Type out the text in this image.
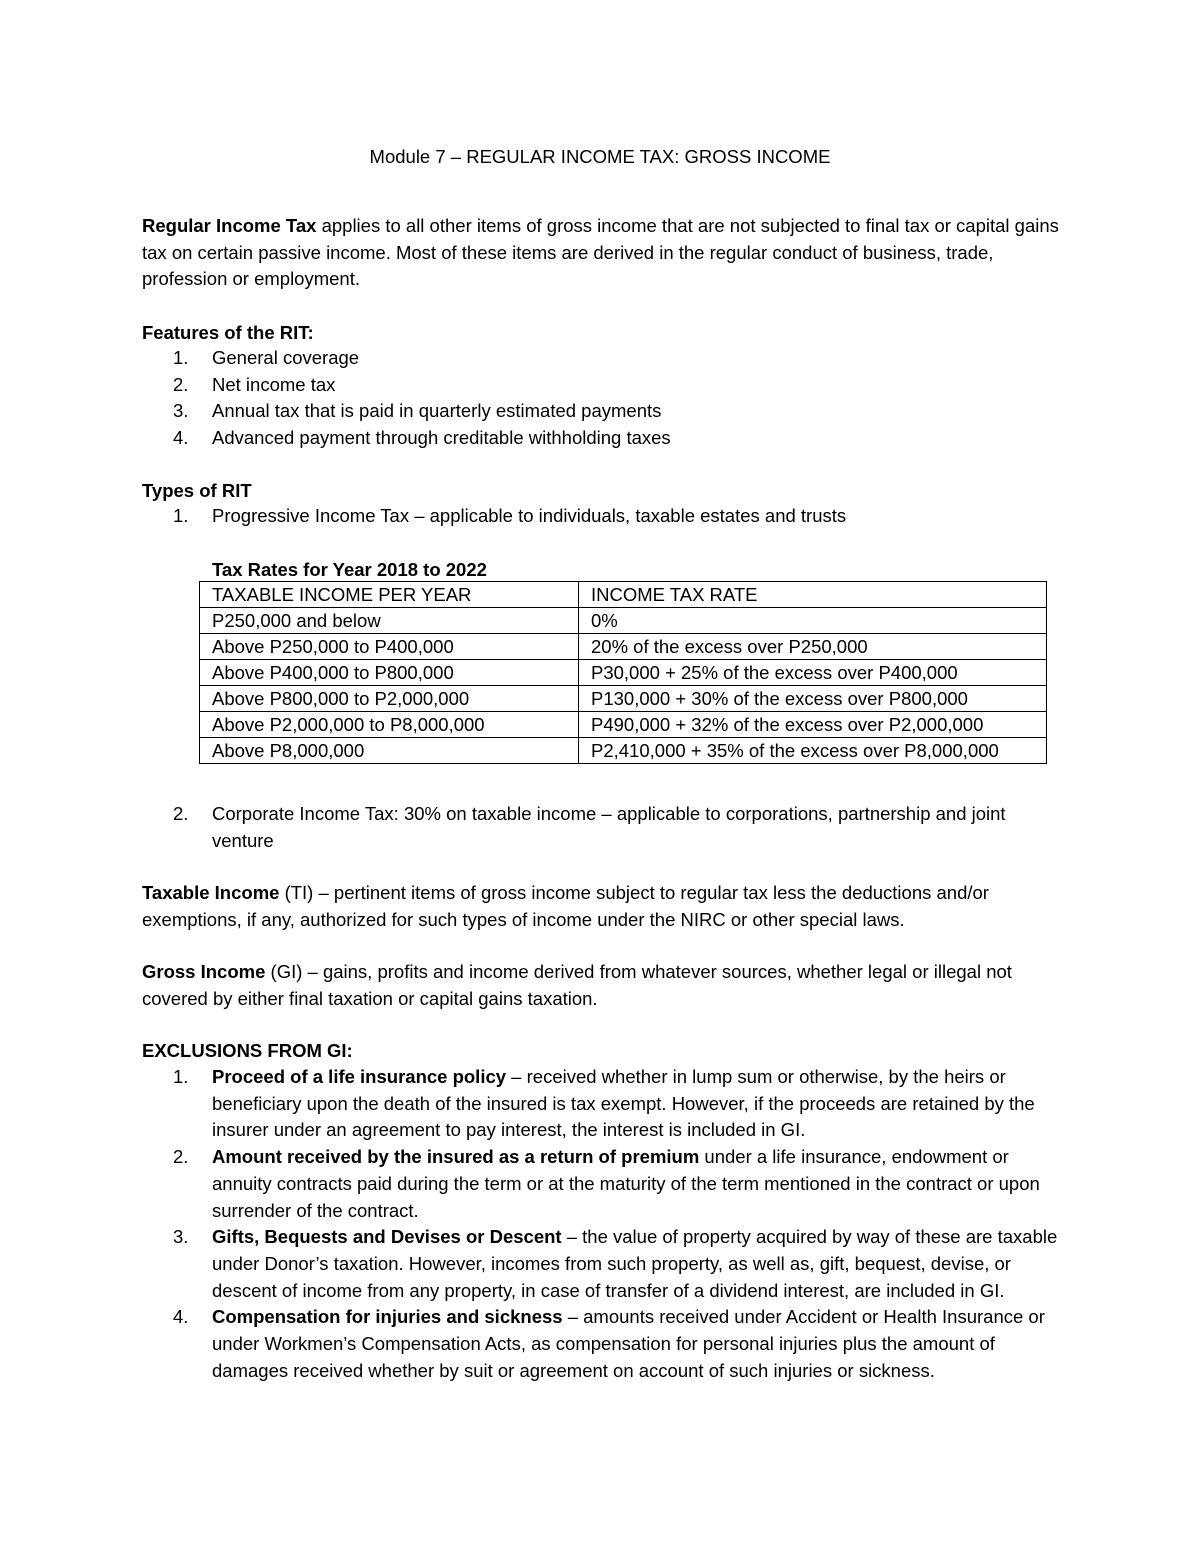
Module 7 – REGULAR INCOME TAX: GROSS INCOME

Regular Income Tax applies to all other items of gross income that are not subjected to final tax or capital gains tax on certain passive income. Most of these items are derived in the regular conduct of business, trade, profession or employment.

Features of the RIT:
1. General coverage
2. Net income tax
3. Annual tax that is paid in quarterly estimated payments
4. Advanced payment through creditable withholding taxes
Types of RIT
1. Progressive Income Tax – applicable to individuals, taxable estates and trusts
Tax Rates for Year 2018 to 2022
TAXABLE INCOME PER YEAR	INCOME TAX RATE
P250,000 and below	0%
Above P250,000 to P400,000	20% of the excess over P250,000
Above P400,000 to P800,000	P30,000 + 25% of the excess over P400,000
Above P800,000 to P2,000,000	P130,000 + 30% of the excess over P800,000
Above P2,000,000 to P8,000,000	P490,000 + 32% of the excess over P2,000,000
Above P8,000,000	P2,410,000 + 35% of the excess over P8,000,000
2. Corporate Income Tax: 30% on taxable income – applicable to corporations, partnership and joint venture

Taxable Income (TI) – pertinent items of gross income subject to regular tax less the deductions and/or exemptions, if any, authorized for such types of income under the NIRC or other special laws.

Gross Income (GI) – gains, profits and income derived from whatever sources, whether legal or illegal not covered by either final taxation or capital gains taxation.

EXCLUSIONS FROM GI:
1. Proceed of a life insurance policy – received whether in lump sum or otherwise, by the heirs or beneficiary upon the death of the insured is tax exempt. However, if the proceeds are retained by the insurer under an agreement to pay interest, the interest is included in GI.
2. Amount received by the insured as a return of premium under a life insurance, endowment or annuity contracts paid during the term or at the maturity of the term mentioned in the contract or upon surrender of the contract.
3. Gifts, Bequests and Devises or Descent – the value of property acquired by way of these are taxable under Donor’s taxation. However, incomes from such property, as well as, gift, bequest, devise, or descent of income from any property, in case of transfer of a dividend interest, are included in GI.
4. Compensation for injuries and sickness – amounts received under Accident or Health Insurance or under Workmen’s Compensation Acts, as compensation for personal injuries plus the amount of damages received whether by suit or agreement on account of such injuries or sickness.
